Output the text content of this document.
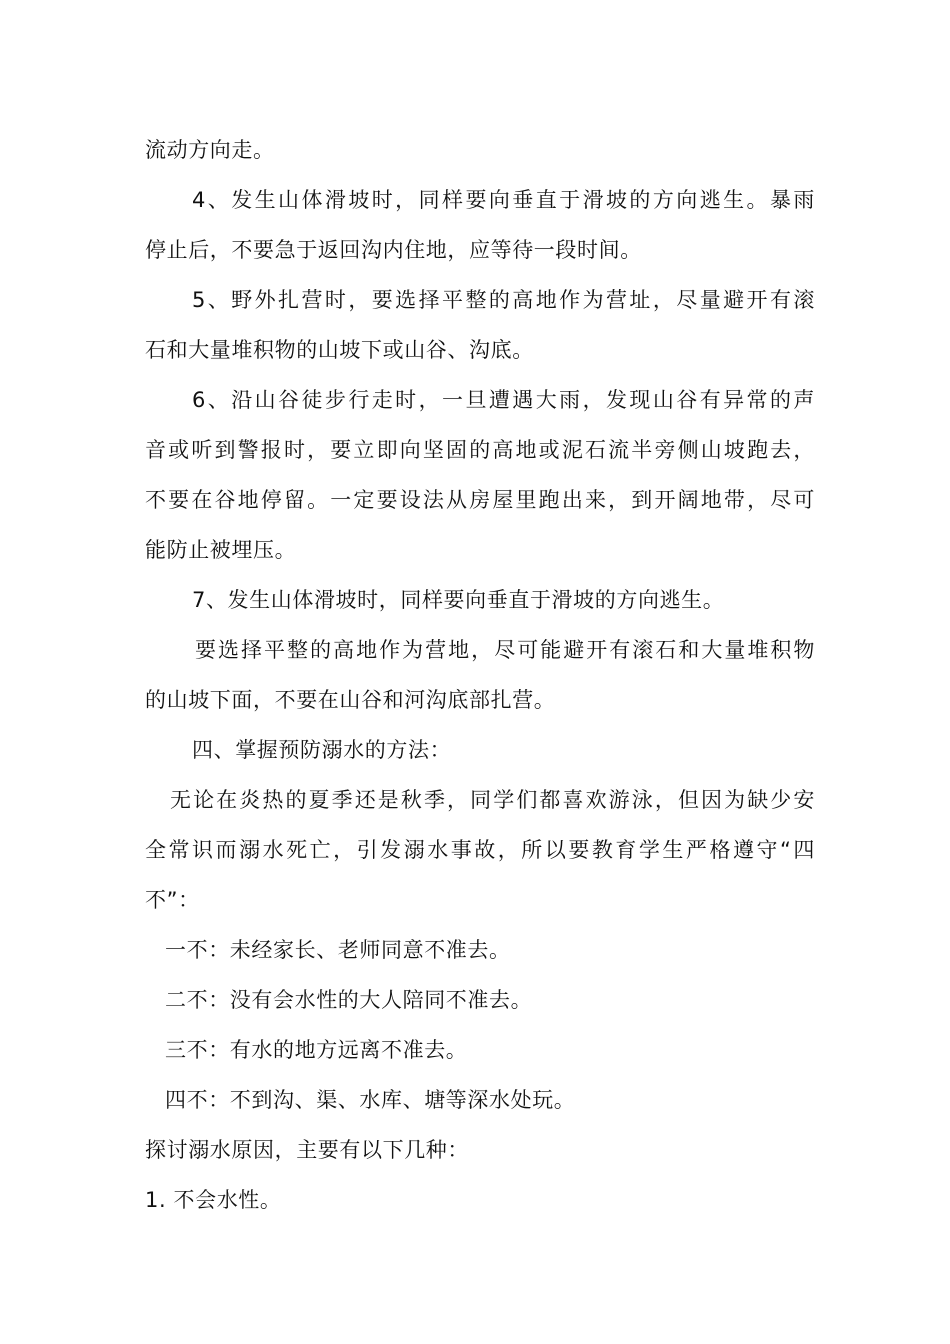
流动方向走。
4、发生山体滑坡时，同样要向垂直于滑坡的方向逃生。暴雨
停止后，不要急于返回沟内住地，应等待一段时间。
5、野外扎营时，要选择平整的高地作为营址，尽量避开有滚
石和大量堆积物的山坡下或山谷、沟底。
6、沿山谷徒步行走时，一旦遭遇大雨，发现山谷有异常的声
音或听到警报时，要立即向坚固的高地或泥石流半旁侧山坡跑去，
不要在谷地停留。一定要设法从房屋里跑出来，到开阔地带，尽可
能防止被埋压。
7、发生山体滑坡时，同样要向垂直于滑坡的方向逃生。
要选择平整的高地作为营地，尽可能避开有滚石和大量堆积物
的山坡下面，不要在山谷和河沟底部扎营。
四、掌握预防溺水的方法：
无论在炎热的夏季还是秋季，同学们都喜欢游泳，但因为缺少安
全常识而溺水死亡，引发溺水事故，所以要教育学生严格遵守“四
不”：
一不：未经家长、老师同意不准去。
二不：没有会水性的大人陪同不准去。
三不：有水的地方远离不准去。
四不：不到沟、渠、水库、塘等深水处玩。
探讨溺水原因，主要有以下几种：
1. 不会水性。
